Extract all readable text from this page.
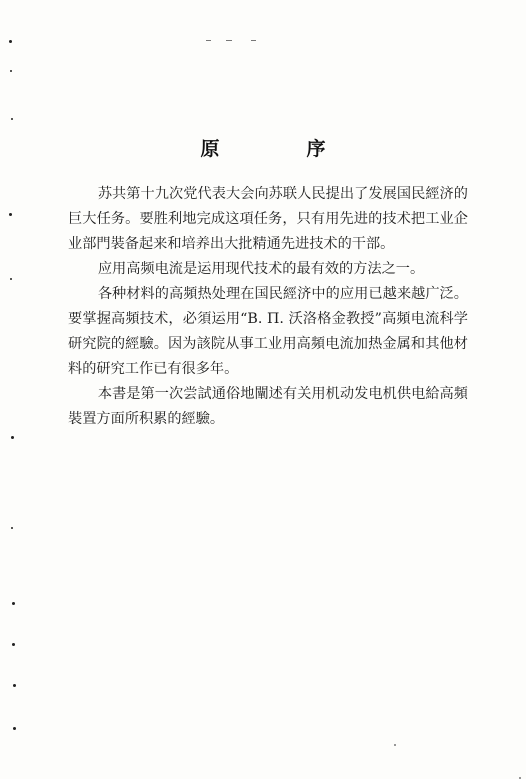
原　序

苏共第十九次党代表大会向苏联人民提出了发展国民經济的巨大任务。要胜利地完成这項任务，只有用先进的技术把工业企业部門裝备起来和培养出大批精通先进技术的干部。

应用高频电流是运用现代技术的最有效的方法之一。

各种材料的高頻热处理在国民經济中的应用已越来越广泛。要掌握高頻技术，必須运用“B. П. 沃洛格金教授”高頻电流科学研究院的經驗。因为該院从事工业用高頻电流加热金属和其他材料的研究工作已有很多年。

本書是第一次尝試通俗地闡述有关用机动发电机供电給高頻裝置方面所积累的經驗。
